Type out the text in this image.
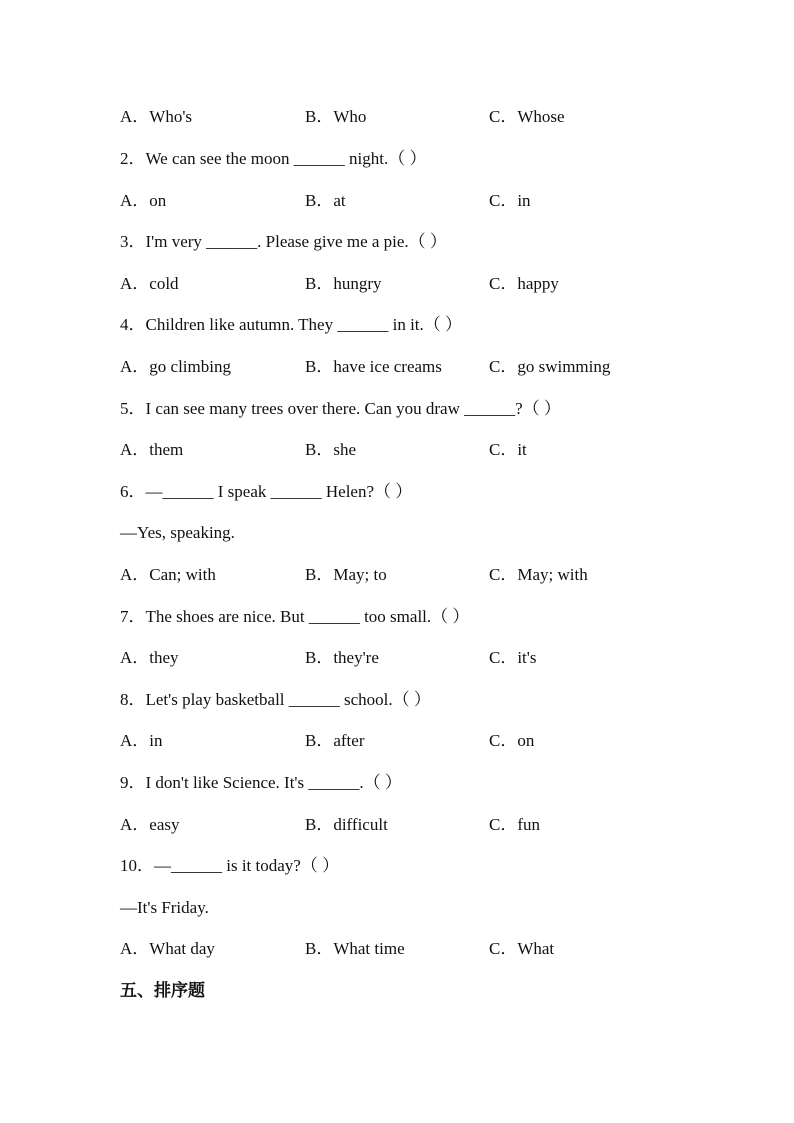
A．Who's	B．Who	C．Whose
2．We can see the moon ______ night.（ ）
A．on	B．at	C．in
3．I'm very ______. Please give me a pie.（ ）
A．cold	B．hungry	C．happy
4．Children like autumn. They ______ in it.（ ）
A．go climbing	B．have ice creams	C．go swimming
5．I can see many trees over there. Can you draw ______?（ ）
A．them	B．she	C．it
6．—______ I speak ______ Helen?（ ）
—Yes, speaking.
A．Can; with	B．May; to	C．May; with
7．The shoes are nice. But ______ too small.（ ）
A．they	B．they're	C．it's
8．Let's play basketball ______ school.（ ）
A．in	B．after	C．on
9．I don't like Science. It's ______.（ ）
A．easy	B．difficult	C．fun
10．—______ is it today?（ ）
—It's Friday.
A．What day	B．What time	C．What
五、排序题
